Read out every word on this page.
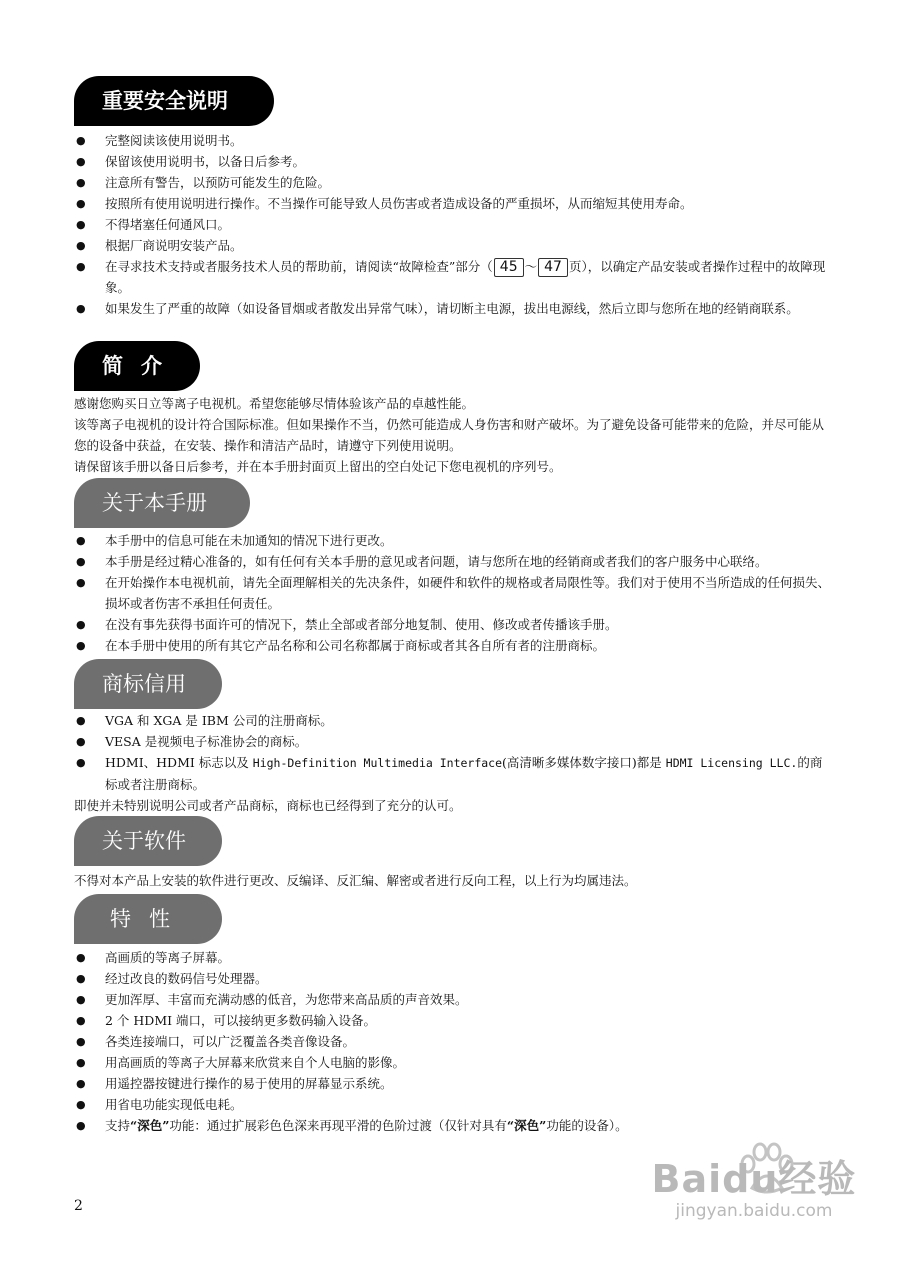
重要安全说明
● 完整阅读该使用说明书。
● 保留该使用说明书，以备日后参考。
● 注意所有警告，以预防可能发生的危险。
● 按照所有使用说明进行操作。不当操作可能导致人员伤害或者造成设备的严重损坏，从而缩短其使用寿命。
● 不得堵塞任何通风口。
● 根据厂商说明安装产品。
● 在寻求技术支持或者服务技术人员的帮助前，请阅读“故障检查”部分（ 45 ～ 47 页），以确定产品安装或者操作过程中的故障现象。
● 如果发生了严重的故障（如设备冒烟或者散发出异常气味），请切断主电源，拔出电源线，然后立即与您所在地的经销商联系。
简介
感谢您购买日立等离子电视机。希望您能够尽情体验该产品的卓越性能。
该等离子电视机的设计符合国际标准。但如果操作不当，仍然可能造成人身伤害和财产破坏。为了避免设备可能带来的危险，并尽可能从您的设备中获益，在安装、操作和清洁产品时，请遵守下列使用说明。
请保留该手册以备日后参考，并在本手册封面页上留出的空白处记下您电视机的序列号。
关于本手册
● 本手册中的信息可能在未加通知的情况下进行更改。
● 本手册是经过精心准备的，如有任何有关本手册的意见或者问题，请与您所在地的经销商或者我们的客户服务中心联络。
● 在开始操作本电视机前，请先全面理解相关的先决条件，如硬件和软件的规格或者局限性等。我们对于使用不当所造成的任何损失、损坏或者伤害不承担任何责任。
● 在没有事先获得书面许可的情况下，禁止全部或者部分地复制、使用、修改或者传播该手册。
● 在本手册中使用的所有其它产品名称和公司名称都属于商标或者其各自所有者的注册商标。
商标信用
● VGA 和 XGA 是 IBM 公司的注册商标。
● VESA 是视频电子标准协会的商标。
● HDMI、HDMI 标志以及 High-Definition Multimedia Interface(高清晰多媒体数字接口)都是 HDMI Licensing LLC.的商标或者注册商标。
即使并未特别说明公司或者产品商标，商标也已经得到了充分的认可。
关于软件
不得对本产品上安装的软件进行更改、反编译、反汇编、解密或者进行反向工程，以上行为均属违法。
特性
● 高画质的等离子屏幕。
● 经过改良的数码信号处理器。
● 更加浑厚、丰富而充满动感的低音，为您带来高品质的声音效果。
● 2 个 HDMI 端口，可以接纳更多数码输入设备。
● 各类连接端口，可以广泛覆盖各类音像设备。
● 用高画质的等离子大屏幕来欣赏来自个人电脑的影像。
● 用遥控器按键进行操作的易于使用的屏幕显示系统。
● 用省电功能实现低电耗。
● 支持“深色”功能：通过扩展彩色色深来再现平滑的色阶过渡（仅针对具有“深色”功能的设备）。
2
Baidu经验
jingyan.baidu.com
